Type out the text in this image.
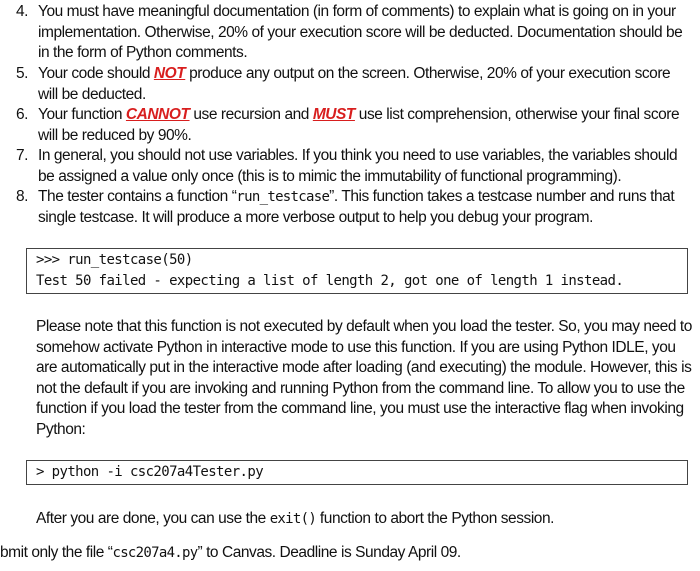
4. You must have meaningful documentation (in form of comments) to explain what is going on in your implementation. Otherwise, 20% of your execution score will be deducted. Documentation should be in the form of Python comments.
5. Your code should NOT produce any output on the screen. Otherwise, 20% of your execution score will be deducted.
6. Your function CANNOT use recursion and MUST use list comprehension, otherwise your final score will be reduced by 90%.
7. In general, you should not use variables. If you think you need to use variables, the variables should be assigned a value only once (this is to mimic the immutability of functional programming).
8. The tester contains a function “run_testcase”. This function takes a testcase number and runs that single testcase. It will produce a more verbose output to help you debug your program.
>>> run_testcase(50)
Test 50 failed - expecting a list of length 2, got one of length 1 instead.
Please note that this function is not executed by default when you load the tester. So, you may need to somehow activate Python in interactive mode to use this function. If you are using Python IDLE, you are automatically put in the interactive mode after loading (and executing) the module. However, this is not the default if you are invoking and running Python from the command line. To allow you to use the function if you load the tester from the command line, you must use the interactive flag when invoking Python:
> python -i csc207a4Tester.py
After you are done, you can use the exit() function to abort the Python session.
bmit only the file “csc207a4.py” to Canvas. Deadline is Sunday April 09.
